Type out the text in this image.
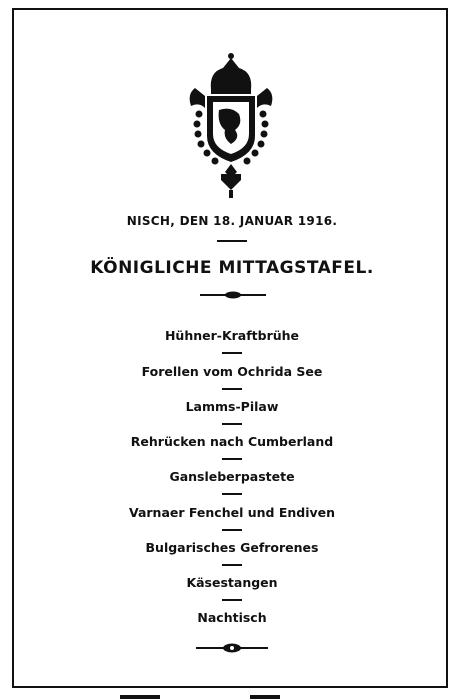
NISCH, DEN 18. JANUAR 1916.
KÖNIGLICHE MITTAGSTAFEL.
Hühner-Kraftbrühe
Forellen vom Ochrida See
Lamms-Pilaw
Rehrücken nach Cumberland
Gansleberpastete
Varnaer Fenchel und Endiven
Bulgarisches Gefrorenes
Käsestangen
Nachtisch
